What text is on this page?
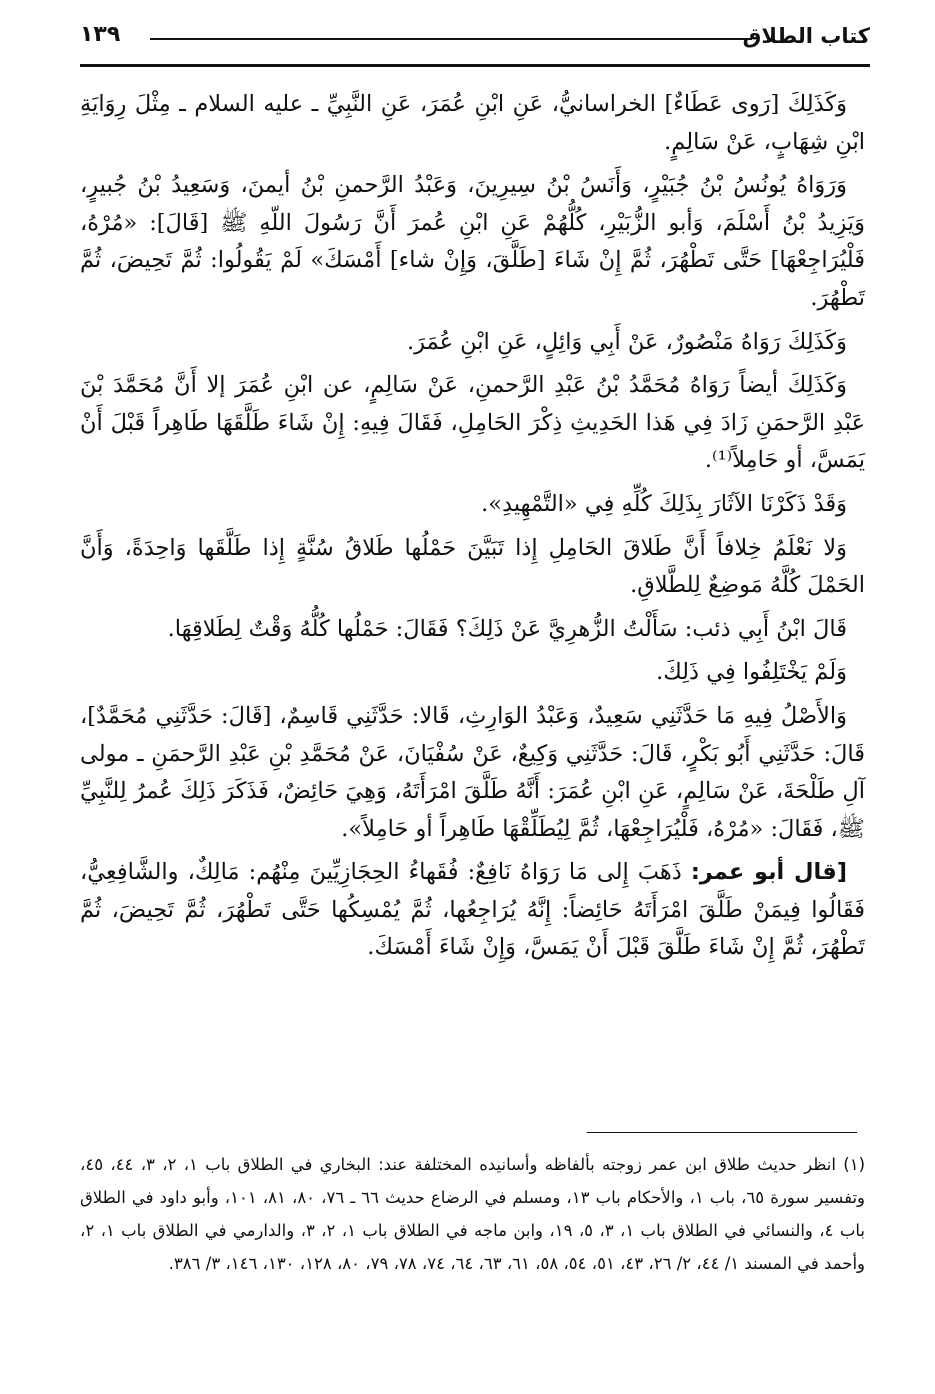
كتاب الطلاق
١٣٩

وَكَذَلِكَ [رَوى عَطَاءٌ] الخراسانيُّ، عَنِ ابْنِ عُمَرَ، عَنِ النَّبِيِّ ـ عليه السلام ـ مِثْلَ رِوَايَةِ ابْنِ شِهَابٍ، عَنْ سَالِمٍ.

وَرَوَاهُ يُونُسُ بْنُ جُبَيْرٍ، وَأَنَسُ بْنُ سِيرِينَ، وَعَبْدُ الرَّحمنِ بْنُ أيمنَ، وَسَعِيدُ بْنُ جُبيرٍ، وَيَزِيدُ بْنُ أَسْلَمَ، وَأبو الزُّبَيْرِ، كُلُّهُمْ عَنِ ابْنِ عُمرَ أَنَّ رَسُولَ اللّهِ ﷺ [قَالَ]: «مُرْهُ، فَلْيُرَاجِعْهَا] حَتَّى تَطْهُرَ، ثُمَّ إِنْ شَاءَ [طَلَّقَ، وَإِنْ شاء] أَمْسَكَ» لَمْ يَقُولُوا: ثُمَّ تَحِيضَ، ثُمَّ تَطْهُرَ.

وَكَذَلِكَ رَوَاهُ مَنْصُورٌ، عَنْ أَبِي وَائِلٍ، عَنِ ابْنِ عُمَرَ.

وَكَذَلِكَ أيضاً رَوَاهُ مُحَمَّدُ بْنُ عَبْدِ الرَّحمنِ، عَنْ سَالِمٍ، عن ابْنِ عُمَرَ إلا أَنَّ مُحَمَّدَ بْنَ عَبْدِ الرَّحمَنِ زَادَ فِي هَذا الحَدِيثِ ذِكْرَ الحَامِلِ، فَقَالَ فِيهِ: إِنْ شَاءَ طَلَّقَهَا طَاهِراً قَبْلَ أَنْ يَمَسَّ، أو حَامِلاً⁽¹⁾.

وَقَدْ ذَكَرْنَا الآثَارَ بِذَلِكَ كُلِّهِ فِي «التَّمْهِيدِ».

وَلا نَعْلَمُ خِلافاً أَنَّ طَلاقَ الحَامِلِ إِذا تَبَيَّنَ حَمْلُها طَلاقُ سُنَّةٍ إِذا طَلَّقَها وَاحِدَةً، وَأَنَّ الحَمْلَ كُلَّهُ مَوضِعٌ لِلطَّلاقِ.

قَالَ ابْنُ أَبِي ذئب: سَأَلْتُ الزُّهرِيَّ عَنْ ذَلِكَ؟ فَقَالَ: حَمْلُها كُلُّهُ وَقْتٌ لِطَلاقِهَا.

وَلَمْ يَخْتَلِفُوا فِي ذَلِكَ.

وَالأَصْلُ فِيهِ مَا حَدَّثَنِي سَعِيدٌ، وَعَبْدُ الوَارِثِ، قَالا: حَدَّثَنِي قَاسِمٌ، [قَالَ: حَدَّثَنِي مُحَمَّدٌ]، قَالَ: حَدَّثَنِي أَبُو بَكْرٍ، قَالَ: حَدَّثَنِي وَكِيعٌ، عَنْ سُفْيَانَ، عَنْ مُحَمَّدِ بْنِ عَبْدِ الرَّحمَنِ ـ مولى آلِ طَلْحَةَ، عَنْ سَالِمٍ، عَنِ ابْنِ عُمَرَ: أَنَّهُ طَلَّقَ امْرَأَتَهُ، وَهِيَ حَائِضٌ، فَذَكَرَ ذَلِكَ عُمرُ لِلنَّبِيِّ ﷺ، فَقَالَ: «مُرْهُ، فَلْيُرَاجِعْهَا، ثُمَّ لِيُطَلِّقْهَا طَاهِراً أو حَامِلاً».

[قال أبو عمر: ذَهَبَ إِلى مَا رَوَاهُ نَافِعٌ: فُقَهاءُ الحِجَازِيِّينَ مِنْهُم: مَالِكٌ، والشَّافِعِيُّ، فَقَالُوا فِيمَنْ طَلَّقَ امْرَأَتَهُ حَائِضاً: إِنَّهُ يُرَاجِعُها، ثُمَّ يُمْسِكُها حَتَّى تَطْهُرَ، ثُمَّ تَحِيضَ، ثُمَّ تَطْهُرَ، ثُمَّ إِنْ شَاءَ طَلَّقَ قَبْلَ أَنْ يَمَسَّ، وَإِنْ شَاءَ أَمْسَكَ.

(١) انظر حديث طلاق ابن عمر زوجته بألفاظه وأسانيده المختلفة عند: البخاري في الطلاق باب ١، ٢، ٣، ٤٤، ٤٥، وتفسير سورة ٦٥، باب ١، والأحكام باب ١٣، ومسلم في الرضاع حديث ٦٦ ـ ٧٦، ٨٠، ٨١، ١٠١، وأبو داود في الطلاق باب ٤، والنسائي في الطلاق باب ١، ٣، ٥، ١٩، وابن ماجه في الطلاق باب ١، ٢، ٣، والدارمي في الطلاق باب ١، ٢، وأحمد في المسند ١/ ٤٤، ٢/ ٢٦، ٤٣، ٥١، ٥٤، ٥٨، ٦١، ٦٣، ٦٤، ٧٤، ٧٨، ٧٩، ٨٠، ١٢٨، ١٣٠، ١٤٦، ٣/ ٣٨٦.
